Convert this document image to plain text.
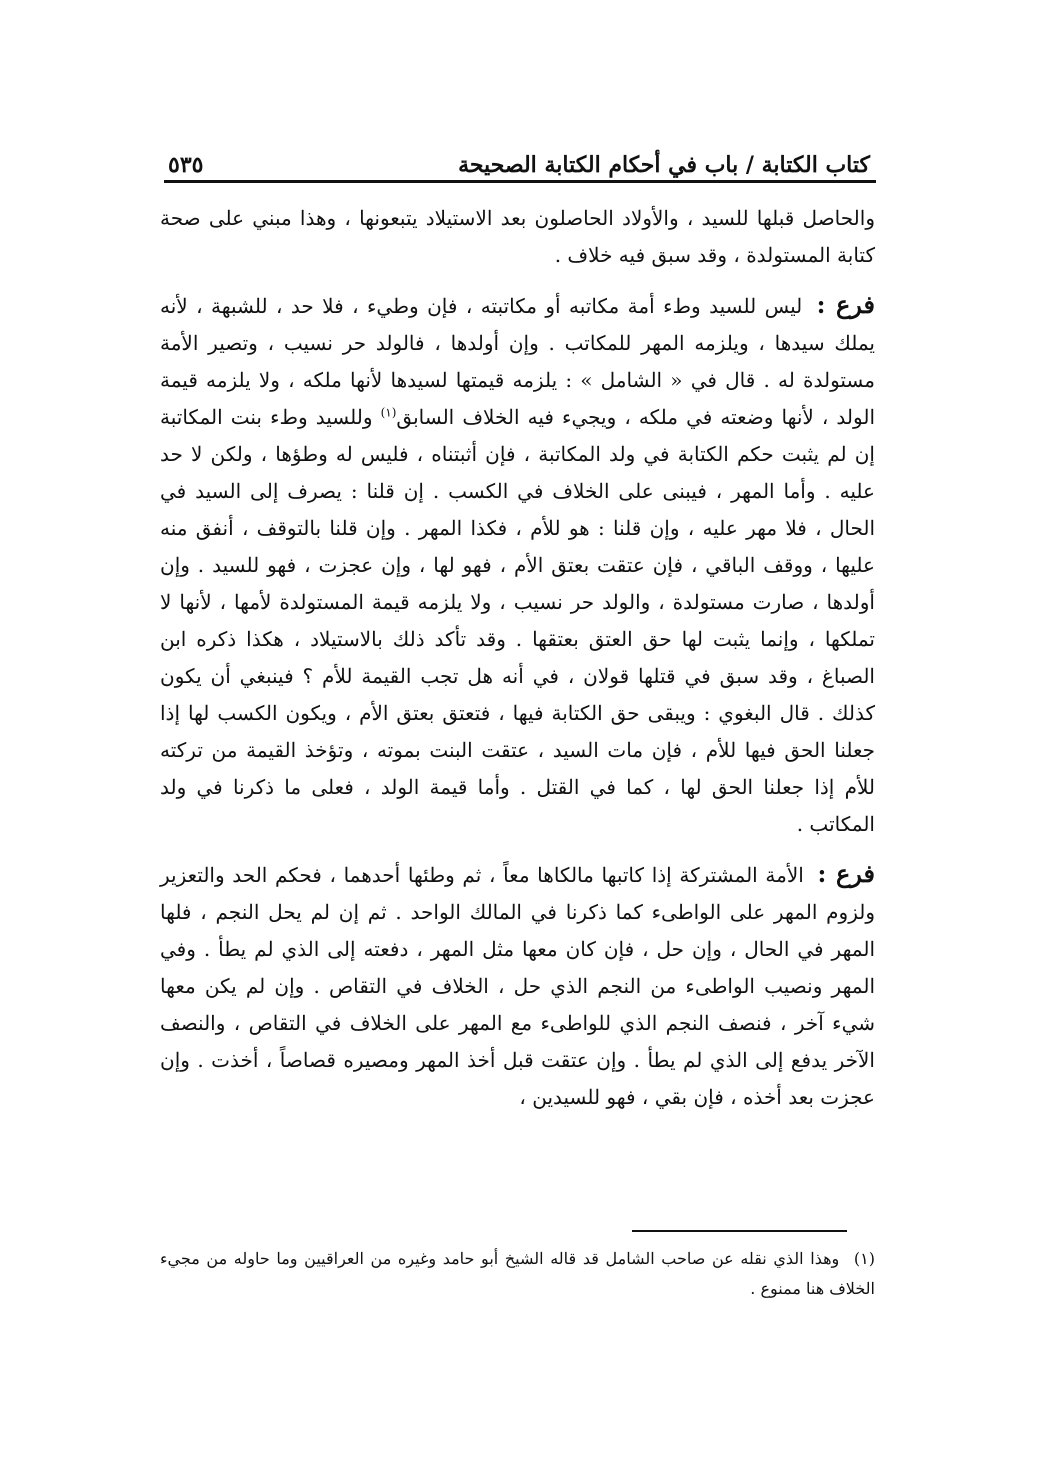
كتاب الكتابة / باب في أحكام الكتابة الصحيحة
٥٣٥

والحاصل قبلها للسيد ، والأولاد الحاصلون بعد الاستيلاد يتبعونها ، وهذا مبني على صحة كتابة المستولدة ، وقد سبق فيه خلاف .

فرع : ليس للسيد وطء أمة مكاتبه أو مكاتبته ، فإن وطيء ، فلا حد ، للشبهة ، لأنه يملك سيدها ، ويلزمه المهر للمكاتب . وإن أولدها ، فالولد حر نسيب ، وتصير الأمة مستولدة له . قال في « الشامل » : يلزمه قيمتها لسيدها لأنها ملكه ، ولا يلزمه قيمة الولد ، لأنها وضعته في ملكه ، ويجيء فيه الخلاف السابق$^{(١)}$ وللسيد وطء بنت المكاتبة إن لم يثبت حكم الكتابة في ولد المكاتبة ، فإن أثبتناه ، فليس له وطؤها ، ولكن لا حد عليه . وأما المهر ، فيبنى على الخلاف في الكسب . إن قلنا : يصرف إلى السيد في الحال ، فلا مهر عليه ، وإن قلنا : هو للأم ، فكذا المهر . وإن قلنا بالتوقف ، أنفق منه عليها ، ووقف الباقي ، فإن عتقت بعتق الأم ، فهو لها ، وإن عجزت ، فهو للسيد . وإن أولدها ، صارت مستولدة ، والولد حر نسيب ، ولا يلزمه قيمة المستولدة لأمها ، لأنها لا تملكها ، وإنما يثبت لها حق العتق بعتقها . وقد تأكد ذلك بالاستيلاد ، هكذا ذكره ابن الصباغ ، وقد سبق في قتلها قولان ، في أنه هل تجب القيمة للأم ؟ فينبغي أن يكون كذلك . قال البغوي : ويبقى حق الكتابة فيها ، فتعتق بعتق الأم ، ويكون الكسب لها إذا جعلنا الحق فيها للأم ، فإن مات السيد ، عتقت البنت بموته ، وتؤخذ القيمة من تركته للأم إذا جعلنا الحق لها ، كما في القتل . وأما قيمة الولد ، فعلى ما ذكرنا في ولد المكاتب .

فرع : الأمة المشتركة إذا كاتبها مالكاها معاً ، ثم وطئها أحدهما ، فحكم الحد والتعزير ولزوم المهر على الواطىء كما ذكرنا في المالك الواحد . ثم إن لم يحل النجم ، فلها المهر في الحال ، وإن حل ، فإن كان معها مثل المهر ، دفعته إلى الذي لم يطأ . وفي المهر ونصيب الواطىء من النجم الذي حل ، الخلاف في التقاص . وإن لم يكن معها شيء آخر ، فنصف النجم الذي للواطىء مع المهر على الخلاف في التقاص ، والنصف الآخر يدفع إلى الذي لم يطأ . وإن عتقت قبل أخذ المهر ومصيره قصاصاً ، أخذت . وإن عجزت بعد أخذه ، فإن بقي ، فهو للسيدين ،

(١) وهذا الذي نقله عن صاحب الشامل قد قاله الشيخ أبو حامد وغيره من العراقيين وما حاوله من مجيء الخلاف هنا ممنوع .
